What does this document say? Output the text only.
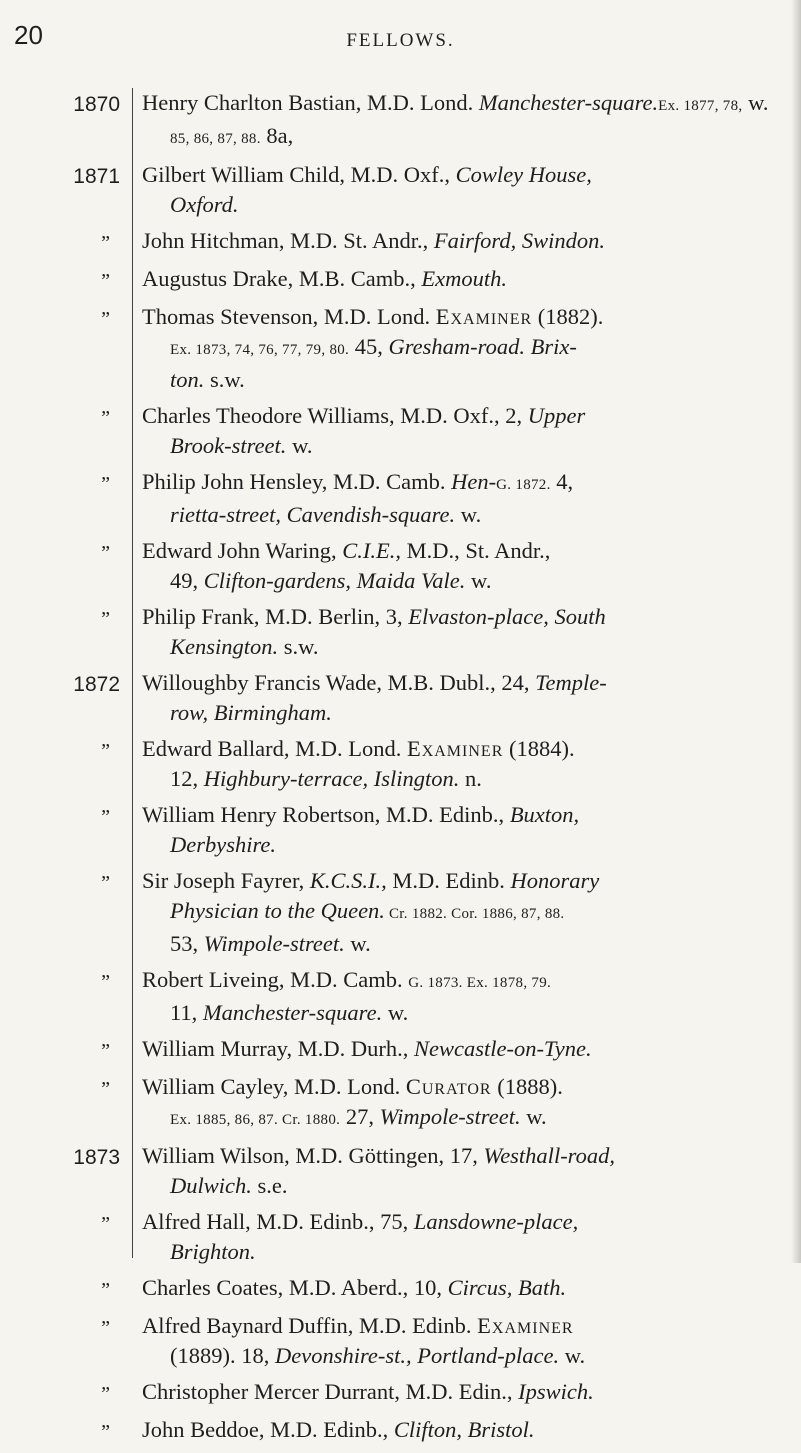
20	FELLOWS.
1870 Henry Charlton Bastian, M.D. Lond. Manchester-square.Ex. 1877, 78, w.
85, 86, 87, 88. 8a,
1871 Gilbert William Child, M.D. Oxf., Cowley House,
Oxford.
”	John Hitchman, M.D. St. Andr., Fairford, Swindon.
”	Augustus Drake, M.B. Camb., Exmouth.
”	Thomas Stevenson, M.D. Lond. Examiner (1882).
Ex. 1873, 74, 76, 77, 79, 80. 45, Gresham-road. Brix-
ton. s.w.
”	Charles Theodore Williams, M.D. Oxf., 2, Upper
Brook-street. w.
”	Philip John Hensley, M.D. Camb. Hen-G. 1872. 4,
rietta-street, Cavendish-square. w.
”	Edward John Waring, C.I.E., M.D., St. Andr.,
49, Clifton-gardens, Maida Vale. w.
”	Philip Frank, M.D. Berlin, 3, Elvaston-place, South
Kensington. s.w.
1872 Willoughby Francis Wade, M.B. Dubl., 24, Temple-
row, Birmingham.
”	Edward Ballard, M.D. Lond. Examiner (1884).
12, Highbury-terrace, Islington. n.
”	William Henry Robertson, M.D. Edinb., Buxton,
Derbyshire.
”	Sir Joseph Fayrer, K.C.S.I., M.D. Edinb. Honorary
Physician to the Queen. Cr. 1882. Cor. 1886, 87, 88.
53, Wimpole-street. w.
”	Robert Liveing, M.D. Camb. G. 1873. Ex. 1878, 79.
11, Manchester-square. w.
”	William Murray, M.D. Durh., Newcastle-on-Tyne.
”	William Cayley, M.D. Lond. Curator (1888).
Ex. 1885, 86, 87. Cr. 1880. 27, Wimpole-street. w.
1873 William Wilson, M.D. Göttingen, 17, Westhall-road,
Dulwich. s.e.
”	Alfred Hall, M.D. Edinb., 75, Lansdowne-place,
Brighton.
”	Charles Coates, M.D. Aberd., 10, Circus, Bath.
”	Alfred Baynard Duffin, M.D. Edinb. Examiner
(1889). 18, Devonshire-st., Portland-place. w.
”	Christopher Mercer Durrant, M.D. Edin., Ipswich.
”	John Beddoe, M.D. Edinb., Clifton, Bristol.
